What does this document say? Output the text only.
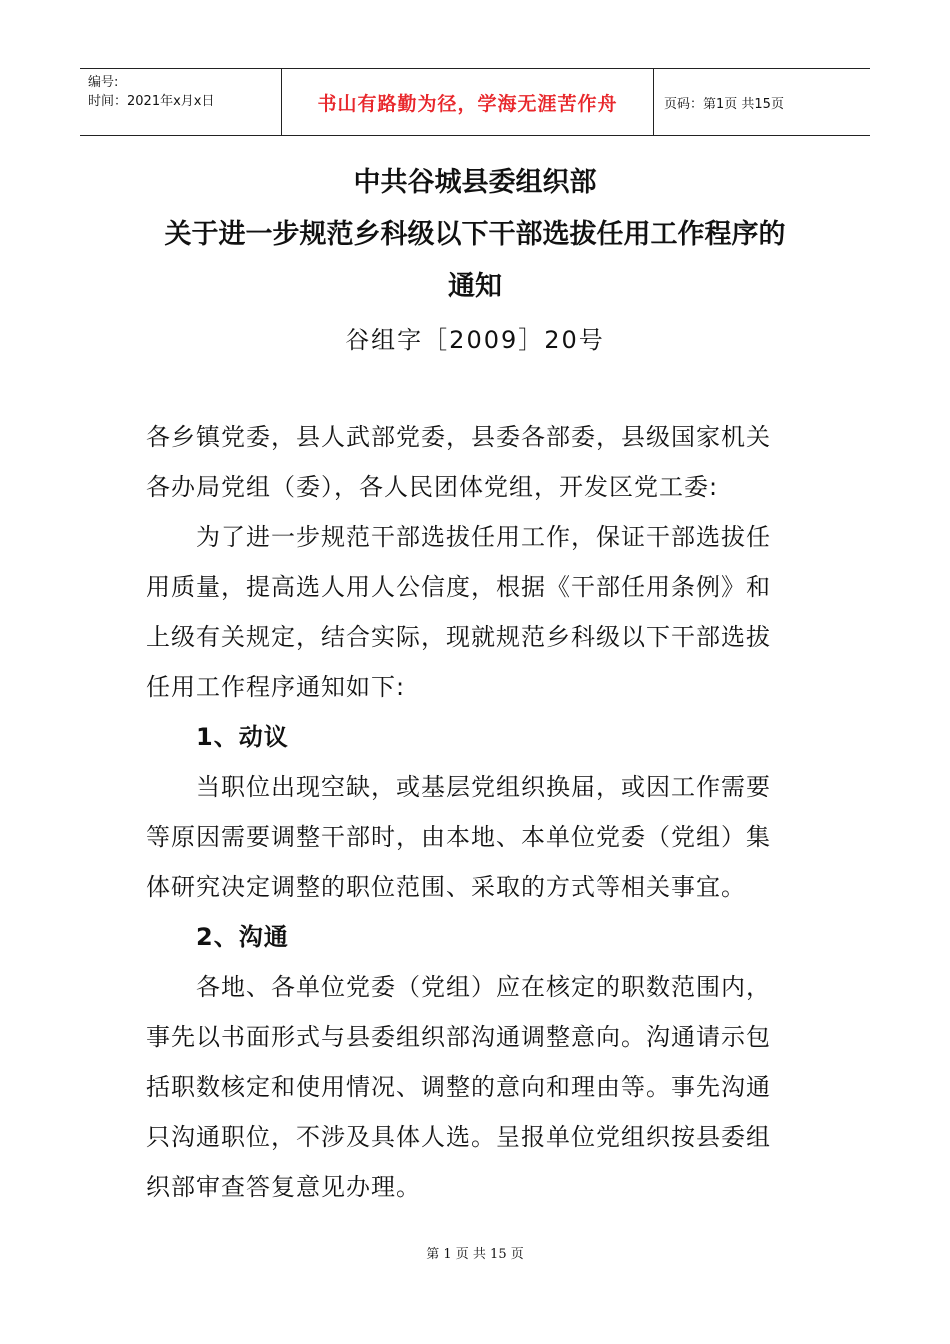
编号:
时间：2021年x月x日	书山有路勤为径，学海无涯苦作舟	页码：第1页 共15页
中共谷城县委组织部
关于进一步规范乡科级以下干部选拔任用工作程序的
通知
谷组字［2009］20号

各乡镇党委，县人武部党委，县委各部委，县级国家机关各办局党组（委），各人民团体党组，开发区党工委:

为了进一步规范干部选拔任用工作，保证干部选拔任用质量，提高选人用人公信度，根据《干部任用条例》和上级有关规定，结合实际，现就规范乡科级以下干部选拔任用工作程序通知如下:

1、动议

当职位出现空缺，或基层党组织换届，或因工作需要等原因需要调整干部时，由本地、本单位党委（党组）集体研究决定调整的职位范围、采取的方式等相关事宜。

2、沟通

各地、各单位党委（党组）应在核定的职数范围内，事先以书面形式与县委组织部沟通调整意向。沟通请示包括职数核定和使用情况、调整的意向和理由等。事先沟通只沟通职位，不涉及具体人选。呈报单位党组织按县委组织部审查答复意见办理。

第 1 页 共 15 页
